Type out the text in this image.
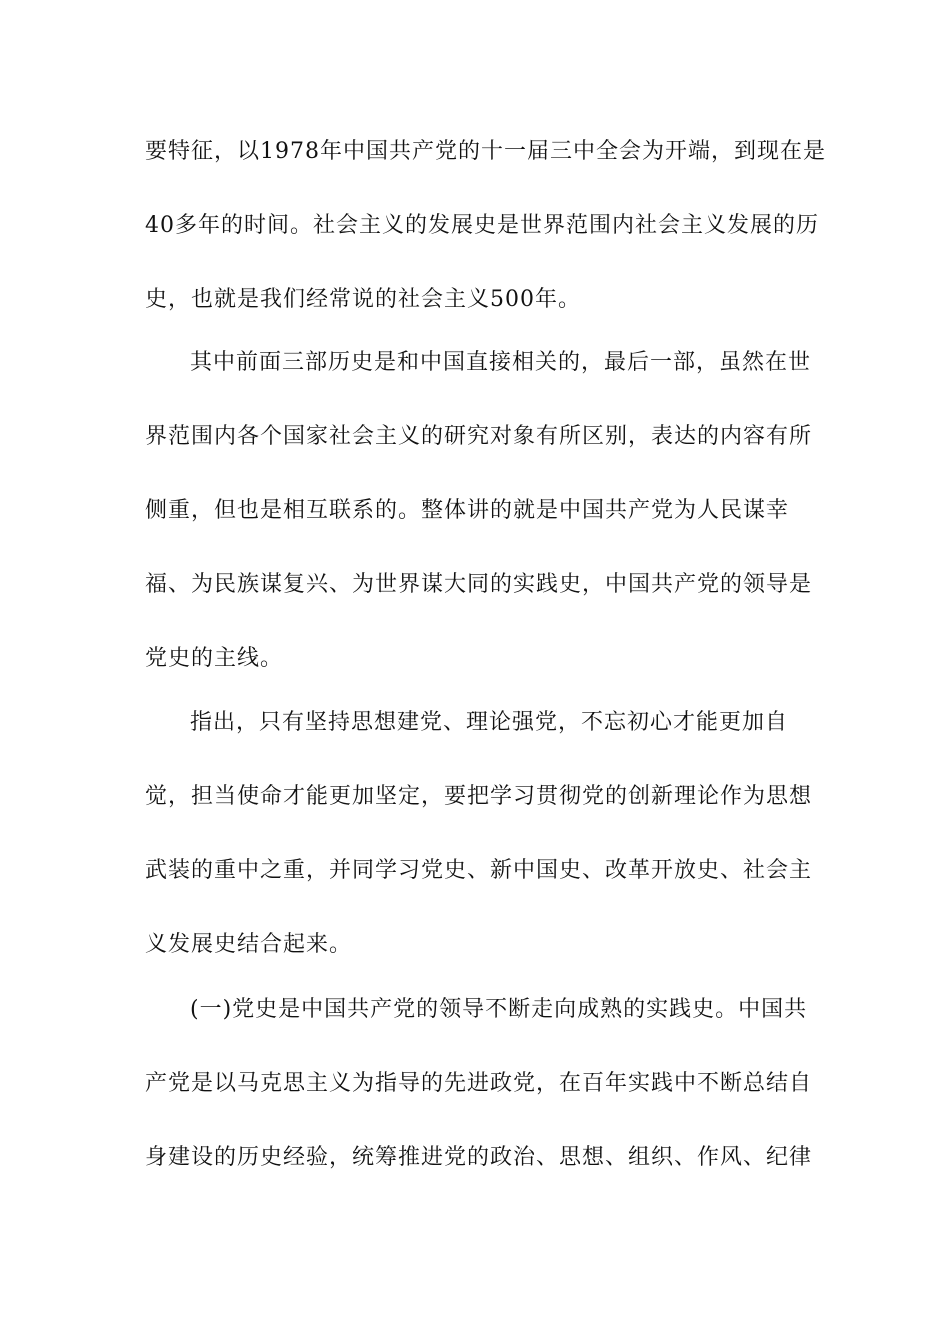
要特征，以1978年中国共产党的十一届三中全会为开端，到现在是
40多年的时间。社会主义的发展史是世界范围内社会主义发展的历
史，也就是我们经常说的社会主义500年。
其中前面三部历史是和中国直接相关的，最后一部，虽然在世
界范围内各个国家社会主义的研究对象有所区别，表达的内容有所
侧重，但也是相互联系的。整体讲的就是中国共产党为人民谋幸
福、为民族谋复兴、为世界谋大同的实践史，中国共产党的领导是
党史的主线。
指出，只有坚持思想建党、理论强党，不忘初心才能更加自
觉，担当使命才能更加坚定，要把学习贯彻党的创新理论作为思想
武装的重中之重，并同学习党史、新中国史、改革开放史、社会主
义发展史结合起来。
(一)党史是中国共产党的领导不断走向成熟的实践史。中国共
产党是以马克思主义为指导的先进政党，在百年实践中不断总结自
身建设的历史经验，统筹推进党的政治、思想、组织、作风、纪律
